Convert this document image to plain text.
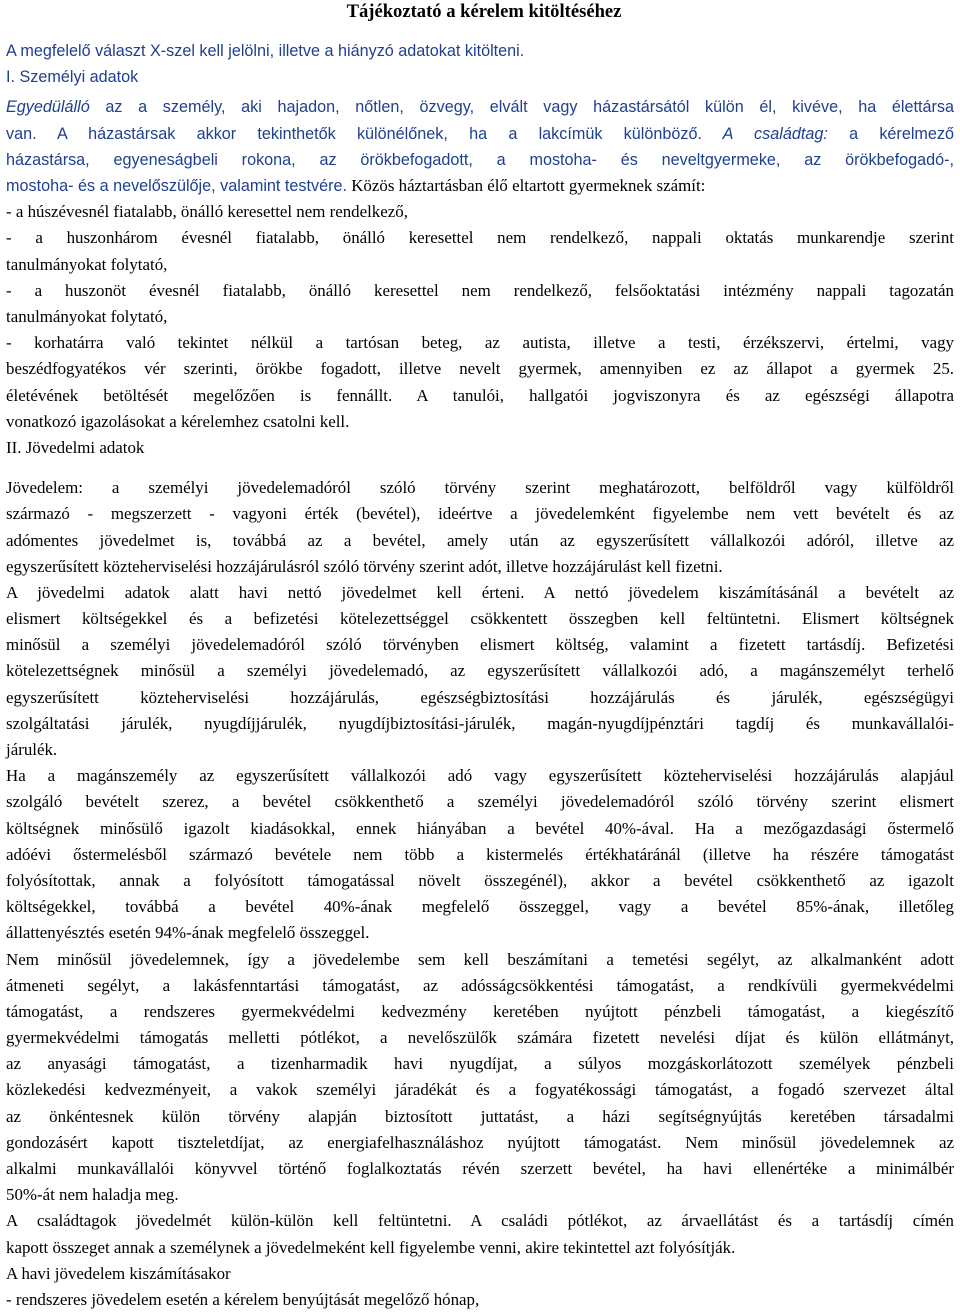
Tájékoztató a kérelem kitöltéséhez

A megfelelő választ X-szel kell jelölni, illetve a hiányzó adatokat kitölteni.

I. Személyi adatok

Egyedülálló az a személy, aki hajadon, nőtlen, özvegy, elvált vagy házastársától külön él, kivéve, ha élettársa

van. A házastársak akkor tekinthetők különélőnek, ha a lakcímük különböző. A családtag: a kérelmező

házastársa, egyeneságbeli rokona, az örökbefogadott, a mostoha- és neveltgyermeke, az örökbefogadó-,

mostoha- és a nevelőszülője, valamint testvére. Közös háztartásban élő eltartott gyermeknek számít:

- a húszévesnél fiatalabb, önálló keresettel nem rendelkező,

- a huszonhárom évesnél fiatalabb, önálló keresettel nem rendelkező, nappali oktatás munkarendje szerint

tanulmányokat folytató,

- a huszonöt évesnél fiatalabb, önálló keresettel nem rendelkező, felsőoktatási intézmény nappali tagozatán

tanulmányokat folytató,

- korhatárra való tekintet nélkül a tartósan beteg, az autista, illetve a testi, érzékszervi, értelmi, vagy

beszédfogyatékos vér szerinti, örökbe fogadott, illetve nevelt gyermek, amennyiben ez az állapot a gyermek 25.

életévének betöltését megelőzően is fennállt. A tanulói, hallgatói jogviszonyra és az egészségi állapotra

vonatkozó igazolásokat a kérelemhez csatolni kell.

II. Jövedelmi adatok

Jövedelem: a személyi jövedelemadóról szóló törvény szerint meghatározott, belföldről vagy külföldről

származó - megszerzett - vagyoni érték (bevétel), ideértve a jövedelemként figyelembe nem vett bevételt és az

adómentes jövedelmet is, továbbá az a bevétel, amely után az egyszerűsített vállalkozói adóról, illetve az

egyszerűsített közteherviselési hozzájárulásról szóló törvény szerint adót, illetve hozzájárulást kell fizetni.

A jövedelmi adatok alatt havi nettó jövedelmet kell érteni. A nettó jövedelem kiszámításánál a bevételt az

elismert költségekkel és a befizetési kötelezettséggel csökkentett összegben kell feltüntetni. Elismert költségnek

minősül a személyi jövedelemadóról szóló törvényben elismert költség, valamint a fizetett tartásdíj. Befizetési

kötelezettségnek minősül a személyi jövedelemadó, az egyszerűsített vállalkozói adó, a magánszemélyt terhelő

egyszerűsített közteherviselési hozzájárulás, egészségbiztosítási hozzájárulás és járulék, egészségügyi

szolgáltatási járulék, nyugdíjjárulék, nyugdíjbiztosítási-járulék, magán-nyugdíjpénztári tagdíj és munkavállalói-

járulék.

Ha a magánszemély az egyszerűsített vállalkozói adó vagy egyszerűsített közteherviselési hozzájárulás alapjául

szolgáló bevételt szerez, a bevétel csökkenthető a személyi jövedelemadóról szóló törvény szerint elismert

költségnek minősülő igazolt kiadásokkal, ennek hiányában a bevétel 40%-ával. Ha a mezőgazdasági őstermelő

adóévi őstermelésből származó bevétele nem több a kistermelés értékhatáránál (illetve ha részére támogatást

folyósítottak, annak a folyósított támogatással növelt összegénél), akkor a bevétel csökkenthető az igazolt

költségekkel, továbbá a bevétel 40%-ának megfelelő összeggel, vagy a bevétel 85%-ának, illetőleg

állattenyésztés esetén 94%-ának megfelelő összeggel.

Nem minősül jövedelemnek, így a jövedelembe sem kell beszámítani a temetési segélyt, az alkalmanként adott

átmeneti segélyt, a lakásfenntartási támogatást, az adósságcsökkentési támogatást, a rendkívüli gyermekvédelmi

támogatást, a rendszeres gyermekvédelmi kedvezmény keretében nyújtott pénzbeli támogatást, a kiegészítő

gyermekvédelmi támogatás melletti pótlékot, a nevelőszülők számára fizetett nevelési díjat és külön ellátmányt,

az anyasági támogatást, a tizenharmadik havi nyugdíjat, a súlyos mozgáskorlátozott személyek pénzbeli

közlekedési kedvezményeit, a vakok személyi járadékát és a fogyatékossági támogatást, a fogadó szervezet által

az önkéntesnek külön törvény alapján biztosított juttatást, a házi segítségnyújtás keretében társadalmi

gondozásért kapott tiszteletdíjat, az energiafelhasználáshoz nyújtott támogatást. Nem minősül jövedelemnek az

alkalmi munkavállalói könyvvel történő foglalkoztatás révén szerzett bevétel, ha havi ellenértéke a minimálbér

50%-át nem haladja meg.

A családtagok jövedelmét külön-külön kell feltüntetni. A családi pótlékot, az árvaellátást és a tartásdíj címén

kapott összeget annak a személynek a jövedelmeként kell figyelembe venni, akire tekintettel azt folyósítják.

A havi jövedelem kiszámításakor

- rendszeres jövedelem esetén a kérelem benyújtását megelőző hónap,
